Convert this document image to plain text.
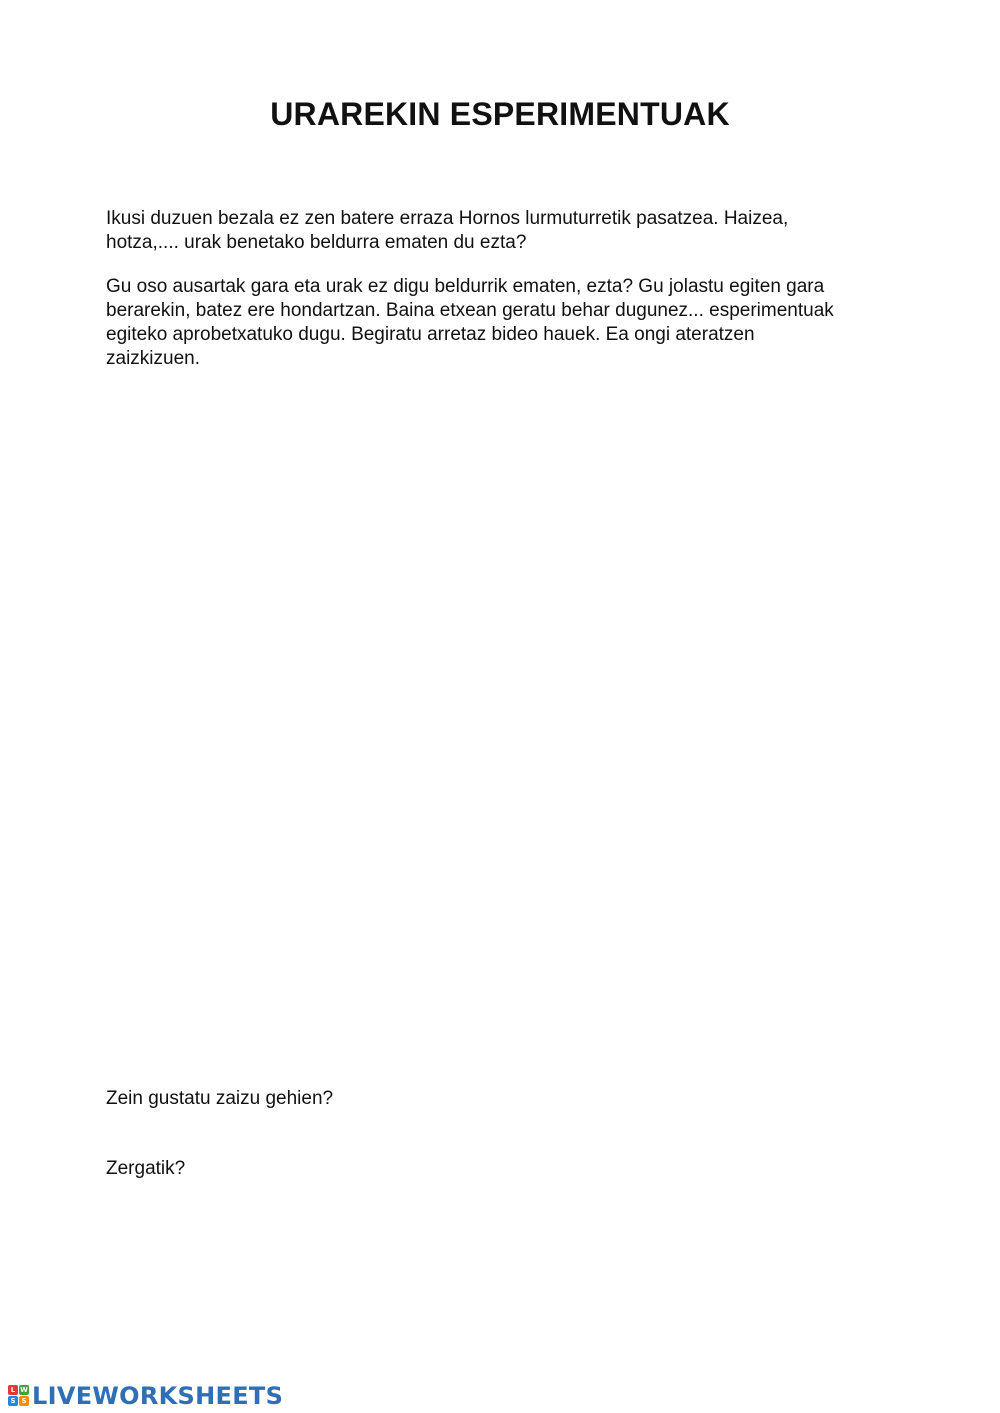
URAREKIN ESPERIMENTUAK

Ikusi duzuen bezala ez zen batere erraza Hornos lurmuturretik pasatzea. Haizea,
hotza,.... urak benetako beldurra ematen du ezta?

Gu oso ausartak gara eta urak ez digu beldurrik ematen, ezta? Gu jolastu egiten gara
berarekin, batez ere hondartzan. Baina etxean geratu behar dugunez... esperimentuak
egiteko aprobetxatuko dugu. Begiratu arretaz bideo hauek. Ea ongi ateratzen
zaizkizuen.

Zein gustatu zaizu gehien?

Zergatik?

L W
S S LIVEWORKSHEETS
